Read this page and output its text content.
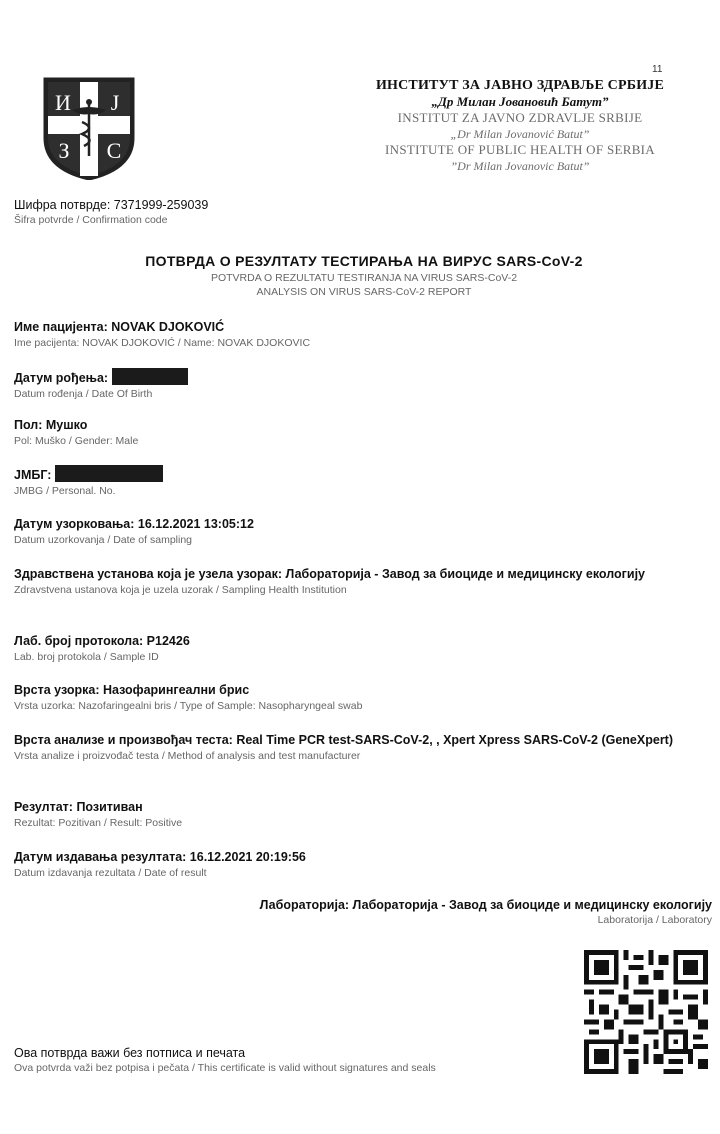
11
И Ј
З С
ИНСТИТУТ ЗА ЈАВНО ЗДРАВЉЕ СРБИЈЕ
„Др Милан Јовановић Батут”
INSTITUT ZA JAVNO ZDRAVLJE SRBIJE
„Dr Milan Jovanović Batut”
INSTITUTE OF PUBLIC HEALTH OF SERBIA
”Dr Milan Jovanovic Batut”
Шифра потврде: 7371999-259039
Šifra potvrde / Confirmation code
ПОТВРДА О РЕЗУЛТАТУ ТЕСТИРАЊА НА ВИРУС SARS-CoV-2
POTVRDA O REZULTATU TESTIRANJA NA VIRUS SARS-CoV-2
ANALYSIS ON VIRUS SARS-CoV-2 REPORT
Име пацијента: NOVAK DJOKOVIĆ
Ime pacijenta: NOVAK DJOKOVIĆ / Name: NOVAK DJOKOVIC
Датум рођења:
Datum rođenja / Date Of Birth
Пол: Мушко
Pol: Muško / Gender: Male
ЈМБГ:
JMBG / Personal. No.
Датум узорковања: 16.12.2021 13:05:12
Datum uzorkovanja / Date of sampling
Здравствена установа која је узела узорак: Лабораторија - Завод за биоциде и медицинску екологију
Zdravstvena ustanova koja je uzela uzorak / Sampling Health Institution
Лаб. број протокола: P12426
Lab. broj protokola / Sample ID
Врста узорка: Назофарингеални брис
Vrsta uzorka: Nazofaringealni bris / Type of Sample: Nasopharyngeal swab
Врста анализе и произвођач теста: Real Time PCR test-SARS-CoV-2, , Xpert Xpress SARS-CoV-2 (GeneXpert)
Vrsta analize i proizvođač testa / Method of analysis and test manufacturer
Резултат: Позитиван
Rezultat: Pozitivan / Result: Positive
Датум издавања резултата: 16.12.2021 20:19:56
Datum izdavanja rezultata / Date of result
Лабораторија: Лабораторија - Завод за биоциде и медицинску екологију
Laboratorija / Laboratory
Ова потврда важи без потписа и печата
Ova potvrda važi bez potpisa i pečata / This certificate is valid without signatures and seals
